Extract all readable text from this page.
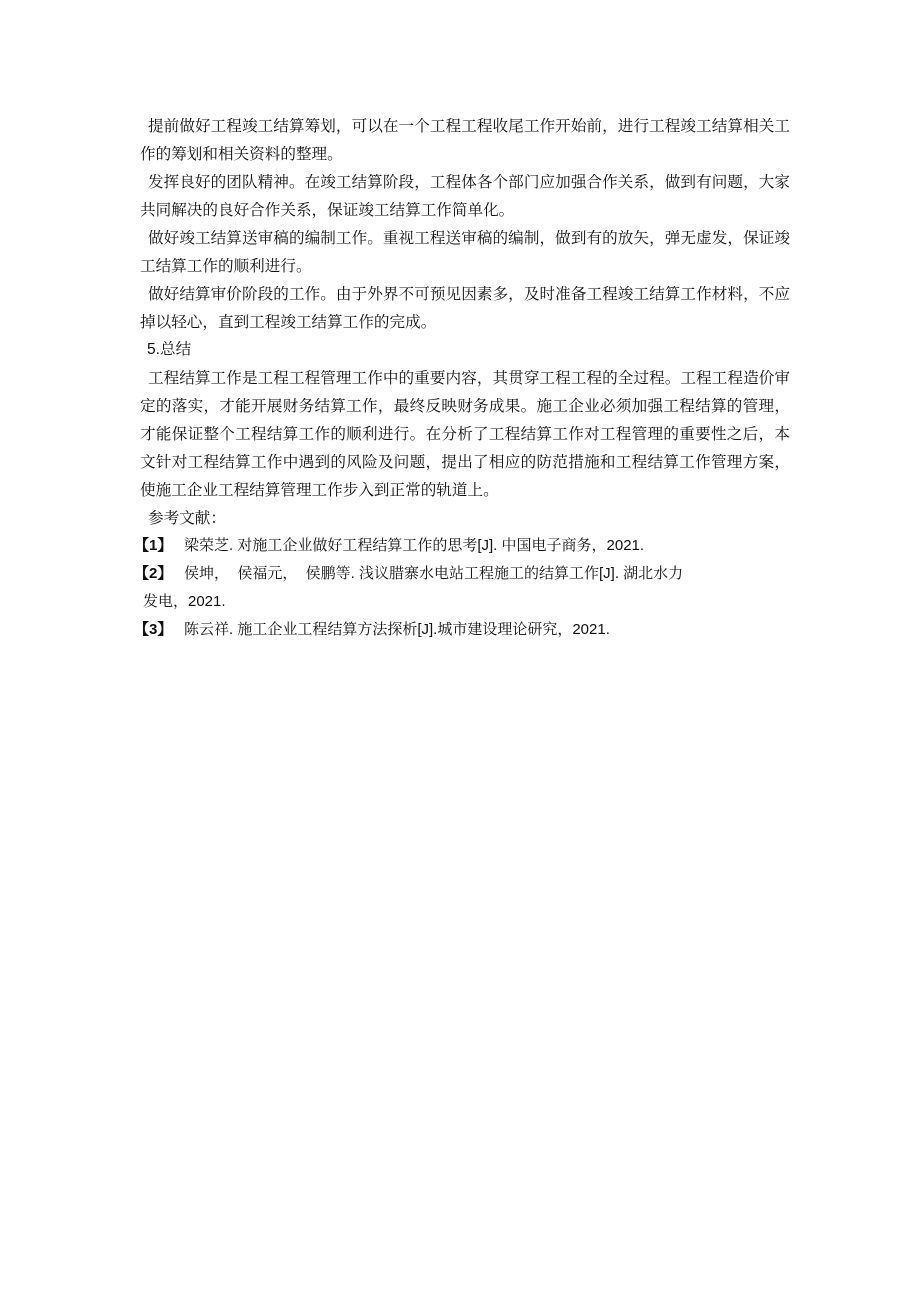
提前做好工程竣工结算筹划，可以在一个工程工程收尾工作开始前，进行工程竣工结算相关工作的筹划和相关资料的整理。

发挥良好的团队精神。在竣工结算阶段，工程体各个部门应加强合作关系，做到有问题，大家共同解决的良好合作关系，保证竣工结算工作简单化。

做好竣工结算送审稿的编制工作。重视工程送审稿的编制，做到有的放矢，弹无虚发，保证竣工结算工作的顺利进行。

做好结算审价阶段的工作。由于外界不可预见因素多，及时准备工程竣工结算工作材料，不应掉以轻心，直到工程竣工结算工作的完成。

5.总结

工程结算工作是工程工程管理工作中的重要内容，其贯穿工程工程的全过程。工程工程造价审定的落实，才能开展财务结算工作，最终反映财务成果。施工企业必须加强工程结算的管理，才能保证整个工程结算工作的顺利进行。在分析了工程结算工作对工程管理的重要性之后，本文针对工程结算工作中遇到的风险及问题，提出了相应的防范措施和工程结算工作管理方案，使施工企业工程结算管理工作步入到正常的轨道上。

参考文献：

【1】 梁荣芝. 对施工企业做好工程结算工作的思考[J]. 中国电子商务，2021.
【2】 侯坤，  侯福元，  侯鹏等. 浅议腊寨水电站工程施工的结算工作[J]. 湖北水力

发电，2021.

【3】 陈云祥. 施工企业工程结算方法探析[J].城市建设理论研究，2021.
